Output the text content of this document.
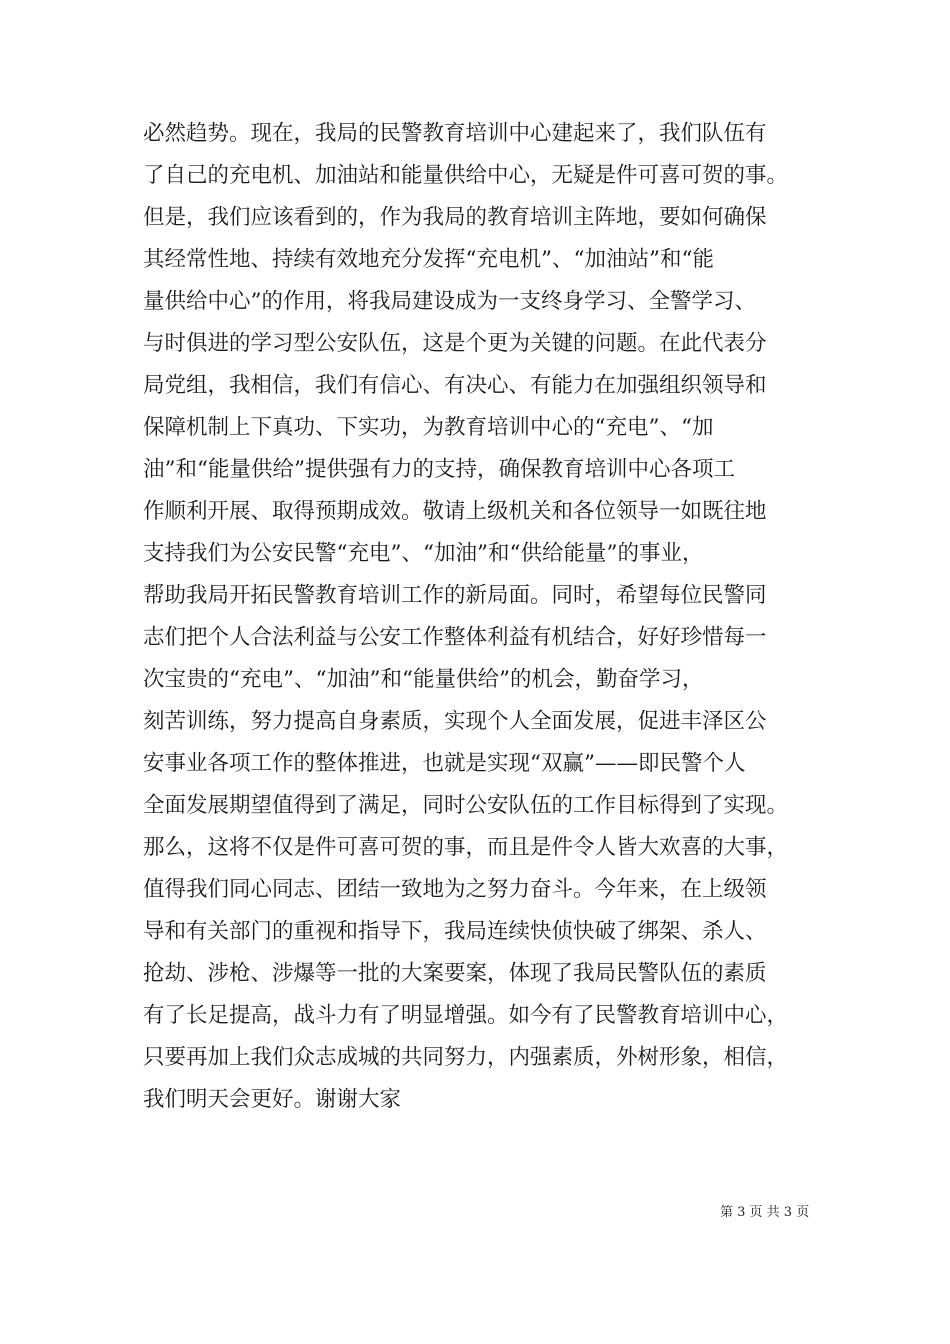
必然趋势。现在，我局的民警教育培训中心建起来了，我们队伍有
了自己的充电机、加油站和能量供给中心，无疑是件可喜可贺的事。
但是，我们应该看到的，作为我局的教育培训主阵地，要如何确保
其经常性地、持续有效地充分发挥“充电机”、“加油站”和“能
量供给中心”的作用，将我局建设成为一支终身学习、全警学习、
与时俱进的学习型公安队伍，这是个更为关键的问题。在此代表分
局党组，我相信，我们有信心、有决心、有能力在加强组织领导和
保障机制上下真功、下实功，为教育培训中心的“充电”、“加
油”和“能量供给”提供强有力的支持，确保教育培训中心各项工
作顺利开展、取得预期成效。敬请上级机关和各位领导一如既往地
支持我们为公安民警“充电”、“加油”和“供给能量”的事业，
帮助我局开拓民警教育培训工作的新局面。同时，希望每位民警同
志们把个人合法利益与公安工作整体利益有机结合，好好珍惜每一
次宝贵的“充电”、“加油”和“能量供给”的机会，勤奋学习，
刻苦训练，努力提高自身素质，实现个人全面发展，促进丰泽区公
安事业各项工作的整体推进，也就是实现“双赢”——即民警个人
全面发展期望值得到了满足，同时公安队伍的工作目标得到了实现。
那么，这将不仅是件可喜可贺的事，而且是件令人皆大欢喜的大事，
值得我们同心同志、团结一致地为之努力奋斗。今年来，在上级领
导和有关部门的重视和指导下，我局连续快侦快破了绑架、杀人、
抢劫、涉枪、涉爆等一批的大案要案，体现了我局民警队伍的素质
有了长足提高，战斗力有了明显增强。如今有了民警教育培训中心，
只要再加上我们众志成城的共同努力，内强素质，外树形象，相信，
我们明天会更好。谢谢大家
第 3 页 共 3 页
